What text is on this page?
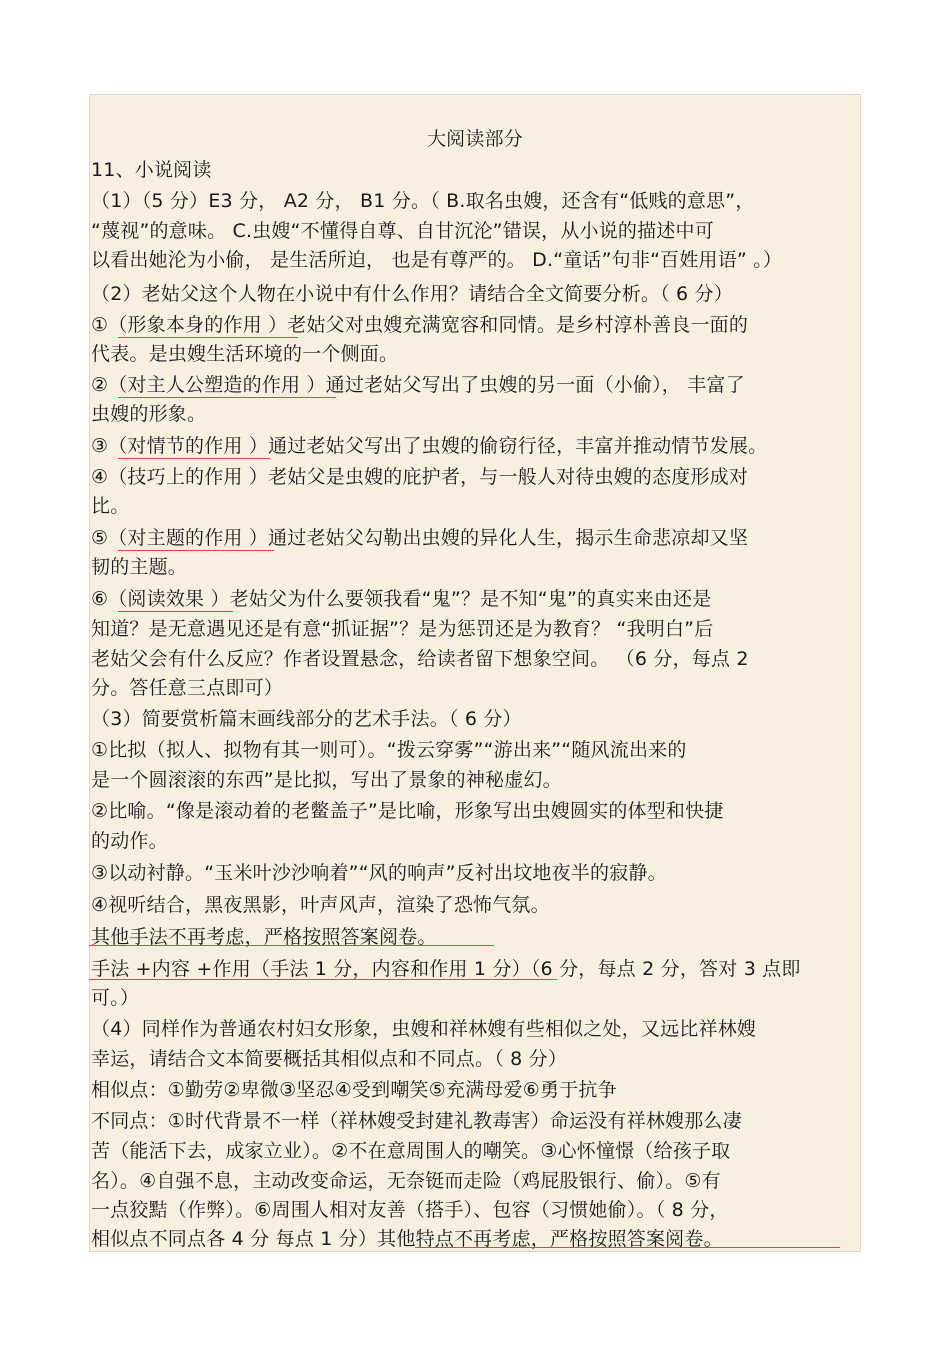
大阅读部分
11、小说阅读
（1）（5 分）E3 分， A2 分， B1 分。（ B.取名虫嫂，还含有“低贱的意思”，
“蔑视”的意味。 C.虫嫂“不懂得自尊、自甘沉沦”错误，从小说的描述中可
以看出她沦为小偷， 是生活所迫， 也是有尊严的。 D.“童话”句非“百姓用语” 。）
（2）老姑父这个人物在小说中有什么作用？请结合全文简要分析。（ 6 分）
①（形象本身的作用 ）老姑父对虫嫂充满宽容和同情。是乡村淳朴善良一面的
代表。是虫嫂生活环境的一个侧面。
②（对主人公塑造的作用 ）通过老姑父写出了虫嫂的另一面（小偷）， 丰富了
虫嫂的形象。
③（对情节的作用 ）通过老姑父写出了虫嫂的偷窃行径，丰富并推动情节发展。
④（技巧上的作用 ）老姑父是虫嫂的庇护者，与一般人对待虫嫂的态度形成对
比。
⑤（对主题的作用 ）通过老姑父勾勒出虫嫂的异化人生，揭示生命悲凉却又坚
韧的主题。
⑥（阅读效果 ）老姑父为什么要领我看“鬼”？是不知“鬼”的真实来由还是
知道？是无意遇见还是有意“抓证据”？是为惩罚还是为教育？ “我明白”后
老姑父会有什么反应？作者设置悬念，给读者留下想象空间。 （6 分，每点 2
分。答任意三点即可）
（3）简要赏析篇末画线部分的艺术手法。（ 6 分）
①比拟（拟人、拟物有其一则可）。“拨云穿雾”“游出来”“随风流出来的
是一个圆滚滚的东西”是比拟，写出了景象的神秘虚幻。
②比喻。“像是滚动着的老鳖盖子”是比喻，形象写出虫嫂圆实的体型和快捷
的动作。
③以动衬静。“玉米叶沙沙响着”“风的响声”反衬出坟地夜半的寂静。
④视听结合，黑夜黑影，叶声风声，渲染了恐怖气氛。
其他手法不再考虑，严格按照答案阅卷。
手法 +内容 +作用（手法 1 分，内容和作用 1 分）（6 分，每点 2 分，答对 3 点即
可。）
（4）同样作为普通农村妇女形象，虫嫂和祥林嫂有些相似之处，又远比祥林嫂
幸运，请结合文本简要概括其相似点和不同点。（ 8 分）
相似点：①勤劳②卑微③坚忍④受到嘲笑⑤充满母爱⑥勇于抗争
不同点：①时代背景不一样（祥林嫂受封建礼教毒害）命运没有祥林嫂那么凄
苦（能活下去，成家立业）。②不在意周围人的嘲笑。③心怀憧憬（给孩子取
名）。④自强不息，主动改变命运，无奈铤而走险（鸡屁股银行、偷）。⑤有
一点狡黠（作弊）。⑥周围人相对友善（搭手）、包容（习惯她偷）。（ 8 分，
相似点不同点各 4 分 每点 1 分）其他特点不再考虑，严格按照答案阅卷。
